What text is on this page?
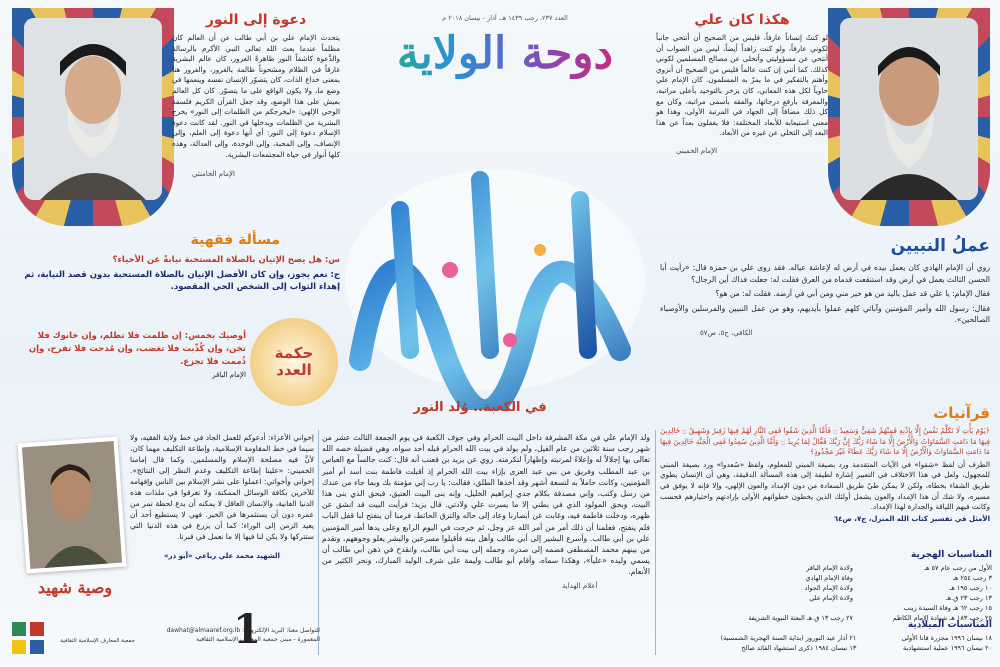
هكذا كان علي
لو كنتُ إنساناً عارفاً، فليس من الصحيح أن أنتحي جانباً لكوني عارفاً، ولو كنت زاهداً أيضاً، ليس من الصواب أن أنتحي عن مسؤوليتي وأتخلى عن مصالح المسلمين لكوني كذلك. كما أنني إن كنت عالماً فليس من الصحيح أن أنزوي وأهتم بالتفكير في ما يمرّ به المسلمون. كان الإمام علي حاوياً لكل هذه المعاني، كان يزخر بالتوحيد بأعلى مراتبه، والمعرفة بأرفع درجاتها، والفقه بأسمى مراتبه، وكان مع كل ذلك مضافاً إلى الجهاد في المرتبة الأولى، وهذا هو معنى استيعابه للأبعاد المختلفة: فلا يغفلون بعداً عن هذا البعد إلى التخلي عن غيره من الأبعاد.
الإمام الخميني
دعوة إلى النور
يتحدث الإمام علي بن أبي طالب عن أن العالم كان مظلماً عندما بعث الله تعالى النبي الأكرم بالرسالة والدَّعوة كاشفاً النور ظاهرةً الغرور، كان عالم البشرية غارقاً في الظلام ومشحوناً ظالمة بالغرور، والغرور هنا بمعنى خداع الذات، كان يتصوّر الإنسان نفسه وينعمها في وضع ما، ولا يكون الواقع على ما يتصوّر. كان كل العالم بعيش على هذا الوضع، وقد جعل القرآن الكريم فلسفة الوحي الإلهي: «ليخرجكم من الظلمات إلى النور» يخرج البشرية من الظلمات ويدخلها في النور. لقد كانت دعوة الإسلام دعوة إلى النور: أي أنها دعوة إلى العلم، وإلى الإنصاف، وإلى المحبة، وإلى الوحدة، وإلى العدالة، وهذه كلها أنوار في حياة المجتمعات البشرية.
الإمام الخامنئي
العدد ٢٣٧، رجب ١٤٣٩ هـ، آذار - نيسان ٢٠١٨ م
دوحة الولاية
في الكعبة.. وُلد النور
مسألة فقهية
س: هل يصح الإتيان بالصلاة المستحبة نيابةً عن الأحياء؟
ج: نعم يجوز، وإن كان الأفضل الإتيان بالصلاة المستحبة بدون قصد النيابة، ثم إهداء الثواب إلى الشخص الحي المقصود.
حكمة العدد
أوصيك بخمس: إن ظلمت فلا تظلم، وإن خانوك فلا تخن، وإن كُذّبت فلا تغضب، وإن مُدحت فلا تفرح، وإن ذُممت فلا تجزع.
الإمام الباقر
عملُ النبيين

روي أن الإمام الهادي كان يعمل بيده في أرض له لإعاشة عياله. فقد روى علي بن حمزة قال: «رأيت أبا الحسن الثالث يعمل في أرض وقد استنقعت قدماه من العرق فقلت له: جعلت فداك أين الرجال؟

فقال الإمام: يا علي قد عمل باليد من هو خير مني ومن أبي في أرضه. فقلت له: من هو؟

فقال: رسول الله وأمير المؤمنين وآبائي كلهم عملوا بأيديهم، وهو من عمل النبيين والمرسلين والأوصياء الصالحين».

الكافي، ج٥، ص٥٧
قرآنيات
﴿يَوْمَ يَأْتِ لَا تَكَلَّمُ نَفْسٌ إِلَّا بِإِذْنِهِ فَمِنْهُمْ شَقِيٌّ وَسَعِيدٌ ۝ فَأَمَّا الَّذِينَ شَقُوا فَفِي النَّارِ لَهُمْ فِيهَا زَفِيرٌ وَشَهِيقٌ ۝ خَالِدِينَ فِيهَا مَا دَامَتِ السَّمَاوَاتُ وَالْأَرْضُ إِلَّا مَا شَاءَ رَبُّكَ إِنَّ رَبَّكَ فَعَّالٌ لِمَا يُرِيدُ ۝ وَأَمَّا الَّذِينَ سُعِدُوا فَفِي الْجَنَّةِ خَالِدِينَ فِيهَا مَا دَامَتِ السَّمَاوَاتُ وَالْأَرْضُ إِلَّا مَا شَاءَ رَبُّكَ عَطَاءً غَيْرَ مَجْذُوذٍ﴾
الطرف أن لفظ «شقوا» في الآيات المتقدمة ورد بصيغة المبني للمعلوم، ولفظ «سُعدوا» ورد بصيغة المبني للمجهول، ولعل في هذا الاختلاف في التعبير إشارة لطيفة إلى هذه المسألة الدقيقة، وهي أن الإنسان يطوي طريق الشقاء بخطاه، ولكن لا يمكن طيّ طريق السعادة من دون الإمداد والعون الإلهي، وإلا فإنه لا يوفق في مسيره، ولا شك أن هذا الإمداد والعون يشمل أولئك الذين يخطون خطواتهم الأولى بإرادتهم واختيارهم فحسب وكانت فيهم اللياقة والجدارة لهذا الإمداد.
الأمثل في تفسير كتاب الله المنزل، ج٧، ص٦٤
المناسبات الهجرية
الأول من رجب عام ٥٧ هـ
٣ رجب ٢٥٤ هـ
١٠ رجب ١٩٥ هـ
١٣ رجب ٢٣ ق.هـ
ولادة الإمام الباقر
وفاة الإمام الهادي
ولادة الإمام الجواد
ولادة الإمام علي
١٥ رجب ٦٢ هـ

وفاة السيدة زينب
٢٥ رجب ١٨٣ هـ

شهادة الإمام الكاظم
٢٧ رجب ١٣ ق.هـ

البعثة النبوية الشريفة
المناسبات الميلادية
١٨ نيسان ١٩٩٦

مجزرة قانا الأولى
٢٠ نيسان ١٩٩٦

عملية استشهادية
٢١ آذار

عيد النوروز (بداية السنة الهجرية الشمسية)
١٣ نيسان ١٩٨٤

ذكرى استشهاد القائد صالح
ولد الإمام علي في مكة المشرفة داخل البيت الحرام وفي جوف الكعبة في يوم الجمعة الثالث عشر من شهر رجب سنة ثلاثين من عام الفيل، ولم يولد في بيت الله الحرام قبله أحد سواه، وهي فضيلة خصه الله تعالى بها إجلالاً له وإعلاءً لمرتبته وإظهاراً لتكرمته. روي عن يزيد بن قعنب أنه قال: كنت جالساً مع العباس بن عبد المطلب وفريق من بني عبد العزى بإزاء بيت الله الحرام إذ أقبلت فاطمة بنت أسد أم أمير المؤمنين، وكانت حاملاً به لتسعة أشهر وقد أخذها الطلق، فقالت: يا رب إني مؤمنة بك وبما جاء من عندك من رسل وكتب، وإني مصدقة بكلام جدي إبراهيم الخليل، وإنه بنى البيت العتيق، فبحق الذي بنى هذا البيت، وبحق المولود الذي في بطني إلا ما يسرت علي ولادتي. قال يزيد: فرأيت البيت قد انشق عن ظهره، ودخلت فاطمة فيه، وغابت عن أبصارنا وعاد إلى حاله والتزق الحائط، فرمنا أن ينفتح لنا قفل الباب فلم ينفتح، فعلمنا أن ذلك أمر من أمر الله عز وجل، ثم خرجت في اليوم الرابع وعلى يدها أمير المؤمنين علي بن أبي طالب. وأسرع البشير إلى أبي طالب وأهل بيته فأقبلوا مسرعين والبشر يعلو وجوههم، وتقدم من بينهم محمد المصطفى فضمه إلى صدره، وحمله إلى بيت أبي طالب، وانقدح في ذهن أبي طالب أن يسمي وليده «علياً»، وهكذا سماه، وأقام أبو طالب وليمة على شرف الوليد المبارك، ونحر الكثير من الأنعام.
أعلام الهداية
إخواني الأعزاء: أدعوكم للعمل الجاد في خط ولاية الفقيه، ولا سيما في خط المقاومة الإسلامية، وإطاعة التكليف مهما كان، لأنَّ فيه مصلحة الإسلام والمسلمين. وكما قال إمامنا الخميني: «علينا إطاعة التكليف وعدم النظر إلى النتائج». إخواني وأخواتي: اعملوا على نشر الإسلام بين الناس وإفهامه للآخرين بكافة الوسائل الممكنة، ولا تغرقوا في ملذات هذه الدنيا الفانية، والإنسان العاقل لا يمكنه أن يدع لحظة تمر من عمره دون أن يستثمرها في الخير. فهي لا يستطيع أحد أن يعيد الزمن إلى الوراء؛ كما أن يزرع في هذه الدنيا التي ستتركها ولا يكن لنا فيها إلا ما نعمل في قبرنا.
الشهيد محمد علي رباعي «أبو ذر»
وصية شهيد
جمعية المعارف الإسلامية الثقافية
للتواصل معنا: البريد الإلكتروني: dawhat@almaaref.org.lb
المعمورة - مبنى جمعية المعارف الإسلامية الثقافية
1
